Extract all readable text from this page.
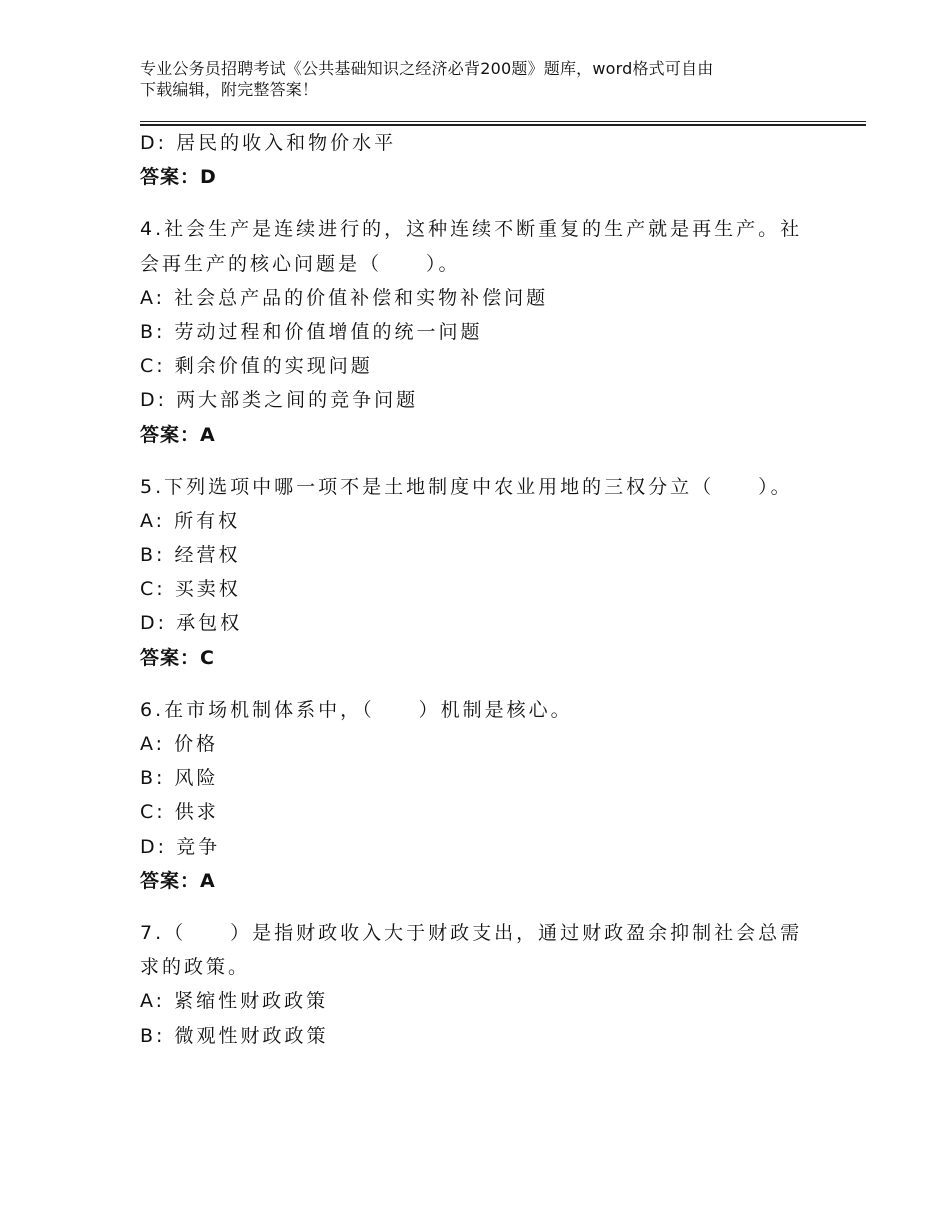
专业公务员招聘考试《公共基础知识之经济必背200题》题库，word格式可自由
下载编辑，附完整答案！
D: 居民的收入和物价水平
答案：D
4.社会生产是连续进行的，这种连续不断重复的生产就是再生产。社
会再生产的核心问题是（　　）。
A: 社会总产品的价值补偿和实物补偿问题
B: 劳动过程和价值增值的统一问题
C: 剩余价值的实现问题
D: 两大部类之间的竞争问题
答案：A
5.下列选项中哪一项不是土地制度中农业用地的三权分立（　　）。
A: 所有权
B: 经营权
C: 买卖权
D: 承包权
答案：C
6.在市场机制体系中，（　　）机制是核心。
A: 价格
B: 风险
C: 供求
D: 竞争
答案：A
7.（　　）是指财政收入大于财政支出，通过财政盈余抑制社会总需
求的政策。
A: 紧缩性财政政策
B: 微观性财政政策
